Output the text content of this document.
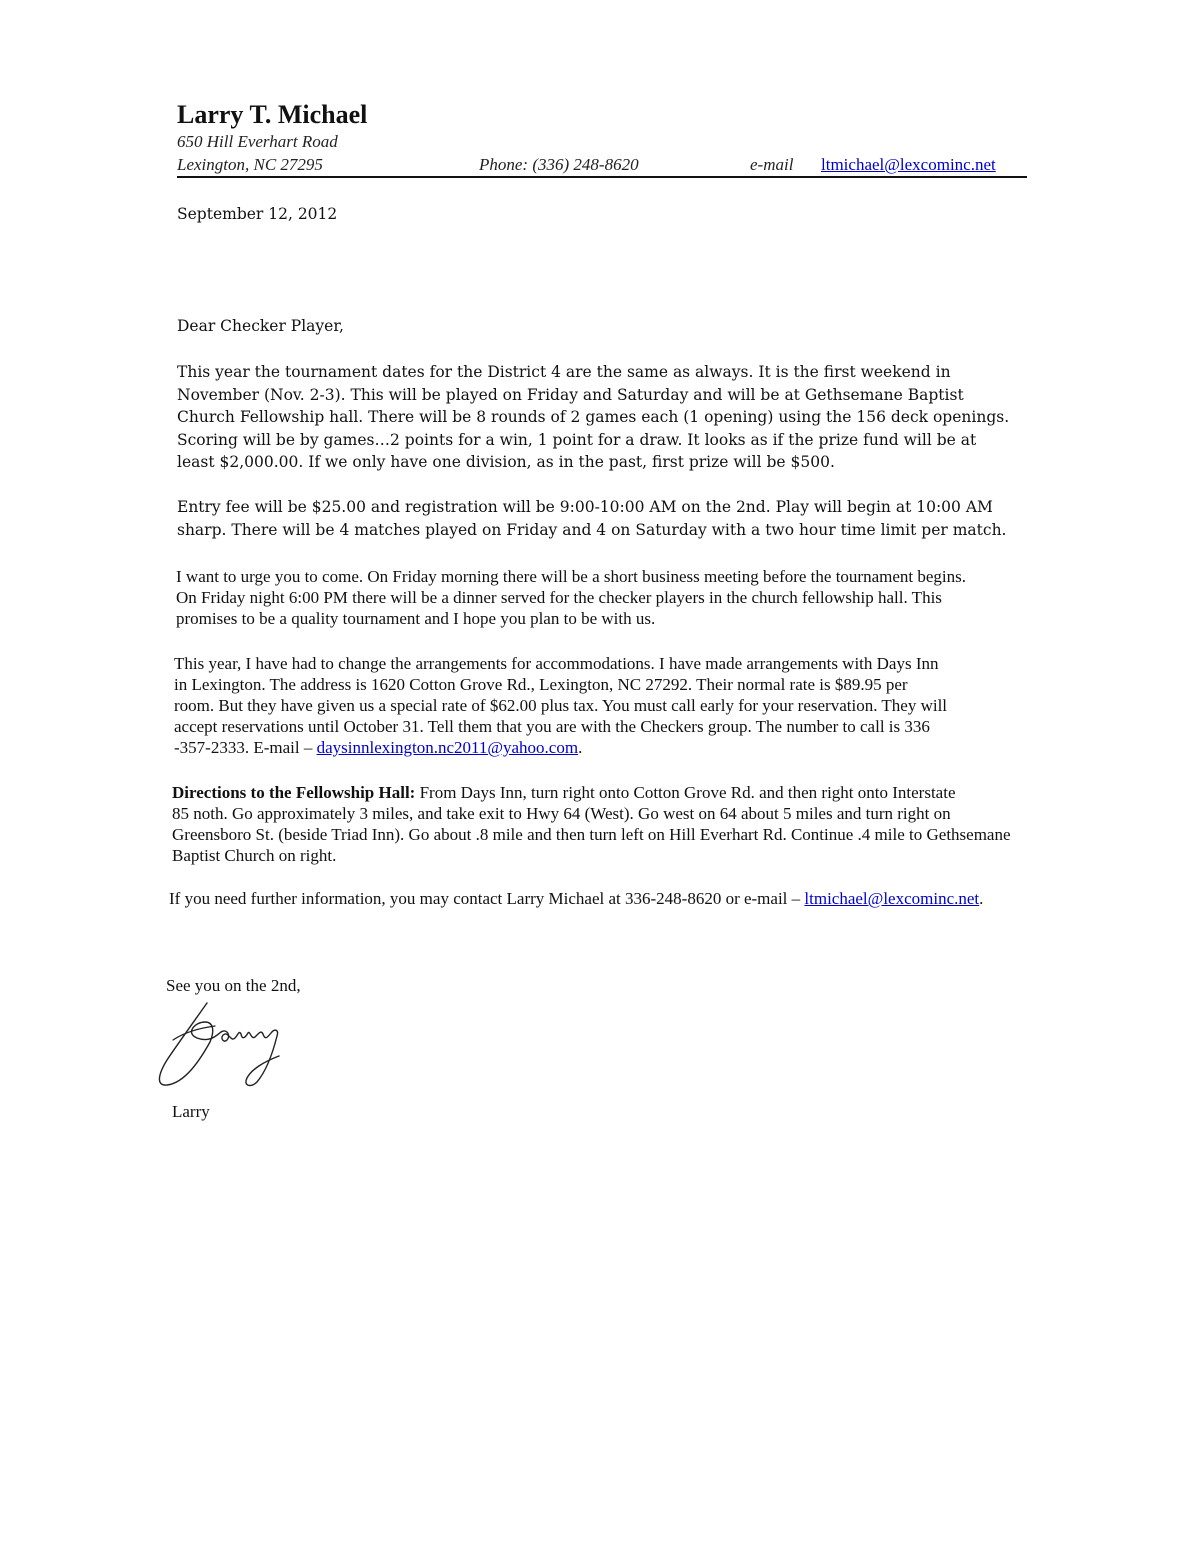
Larry T. Michael
650 Hill Everhart Road
Lexington, NC 27295	Phone: (336) 248-8620	e-mail ltmichael@lexcominc.net
September 12, 2012
Dear Checker Player,
This year the tournament dates for the District 4 are the same as always. It is the first weekend in
November (Nov. 2-3). This will be played on Friday and Saturday and will be at Gethsemane Baptist
Church Fellowship hall. There will be 8 rounds of 2 games each (1 opening) using the 156 deck openings.
Scoring will be by games…2 points for a win, 1 point for a draw. It looks as if the prize fund will be at
least $2,000.00. If we only have one division, as in the past, first prize will be $500.
Entry fee will be $25.00 and registration will be 9:00-10:00 AM on the 2nd. Play will begin at 10:00 AM
sharp. There will be 4 matches played on Friday and 4 on Saturday with a two hour time limit per match.
I want to urge you to come. On Friday morning there will be a short business meeting before the tournament begins.
On Friday night 6:00 PM there will be a dinner served for the checker players in the church fellowship hall. This
promises to be a quality tournament and I hope you plan to be with us.
This year, I have had to change the arrangements for accommodations. I have made arrangements with Days Inn
in Lexington. The address is 1620 Cotton Grove Rd., Lexington, NC 27292. Their normal rate is $89.95 per
room. But they have given us a special rate of $62.00 plus tax. You must call early for your reservation. They will
accept reservations until October 31. Tell them that you are with the Checkers group. The number to call is 336
-357-2333. E-mail – daysinnlexington.nc2011@yahoo.com.
Directions to the Fellowship Hall: From Days Inn, turn right onto Cotton Grove Rd. and then right onto Interstate
85 noth. Go approximately 3 miles, and take exit to Hwy 64 (West). Go west on 64 about 5 miles and turn right on
Greensboro St. (beside Triad Inn). Go about .8 mile and then turn left on Hill Everhart Rd. Continue .4 mile to Gethsemane
Baptist Church on right.
If you need further information, you may contact Larry Michael at 336-248-8620 or e-mail – ltmichael@lexcominc.net.
See you on the 2nd,
Larry
